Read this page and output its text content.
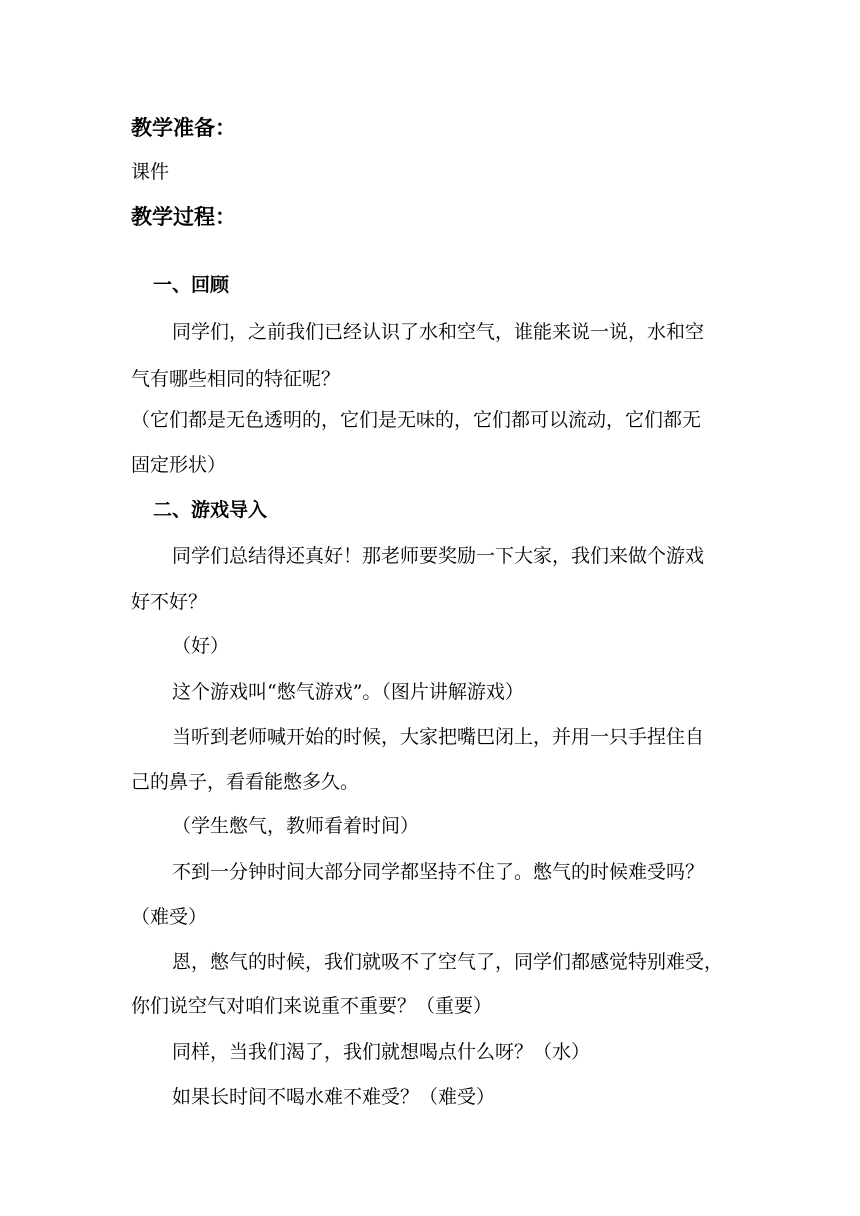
教学准备：
课件
教学过程：
一、回顾
同学们，之前我们已经认识了水和空气，谁能来说一说，水和空
气有哪些相同的特征呢？
（它们都是无色透明的，它们是无味的，它们都可以流动，它们都无
固定形状）
二、游戏导入
同学们总结得还真好！那老师要奖励一下大家，我们来做个游戏
好不好？
（好）
这个游戏叫“憋气游戏”。（图片讲解游戏）
当听到老师喊开始的时候，大家把嘴巴闭上，并用一只手捏住自
己的鼻子，看看能憋多久。
（学生憋气，教师看着时间）
不到一分钟时间大部分同学都坚持不住了。憋气的时候难受吗？
（难受）
恩，憋气的时候，我们就吸不了空气了，同学们都感觉特别难受，
你们说空气对咱们来说重不重要？（重要）
同样，当我们渴了，我们就想喝点什么呀？（水）
如果长时间不喝水难不难受？（难受）
